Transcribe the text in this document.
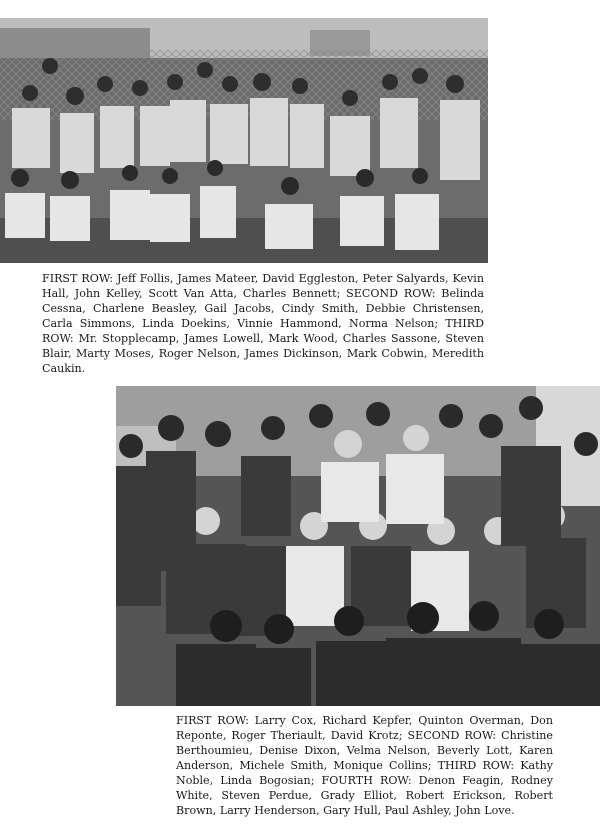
FIRST ROW: Jeff Follis, James Mateer, David Eggleston, Peter Salyards, Kevin Hall, John Kelley, Scott Van Atta, Charles Bennett; SECOND ROW: Belinda Cessna, Charlene Beasley, Gail Jacobs, Cindy Smith, Debbie Christensen, Carla Simmons, Linda Doekins, Vinnie Hammond, Norma Nelson; THIRD ROW: Mr. Stopplecamp, James Lowell, Mark Wood, Charles Sassone, Steven Blair, Marty Moses, Roger Nelson, James Dickinson, Mark Cobwin, Meredith Caukin.

FIRST ROW: Larry Cox, Richard Kepfer, Quinton Overman, Don Reponte, Roger Theriault, David Krotz; SECOND ROW: Christine Berthoumieu, Denise Dixon, Velma Nelson, Beverly Lott, Karen Anderson, Michele Smith, Monique Collins; THIRD ROW: Kathy Noble, Linda Bogosian; FOURTH ROW: Denon Feagin, Rodney White, Steven Perdue, Grady Elliot, Robert Erickson, Robert Brown, Larry Henderson, Gary Hull, Paul Ashley, John Love.
